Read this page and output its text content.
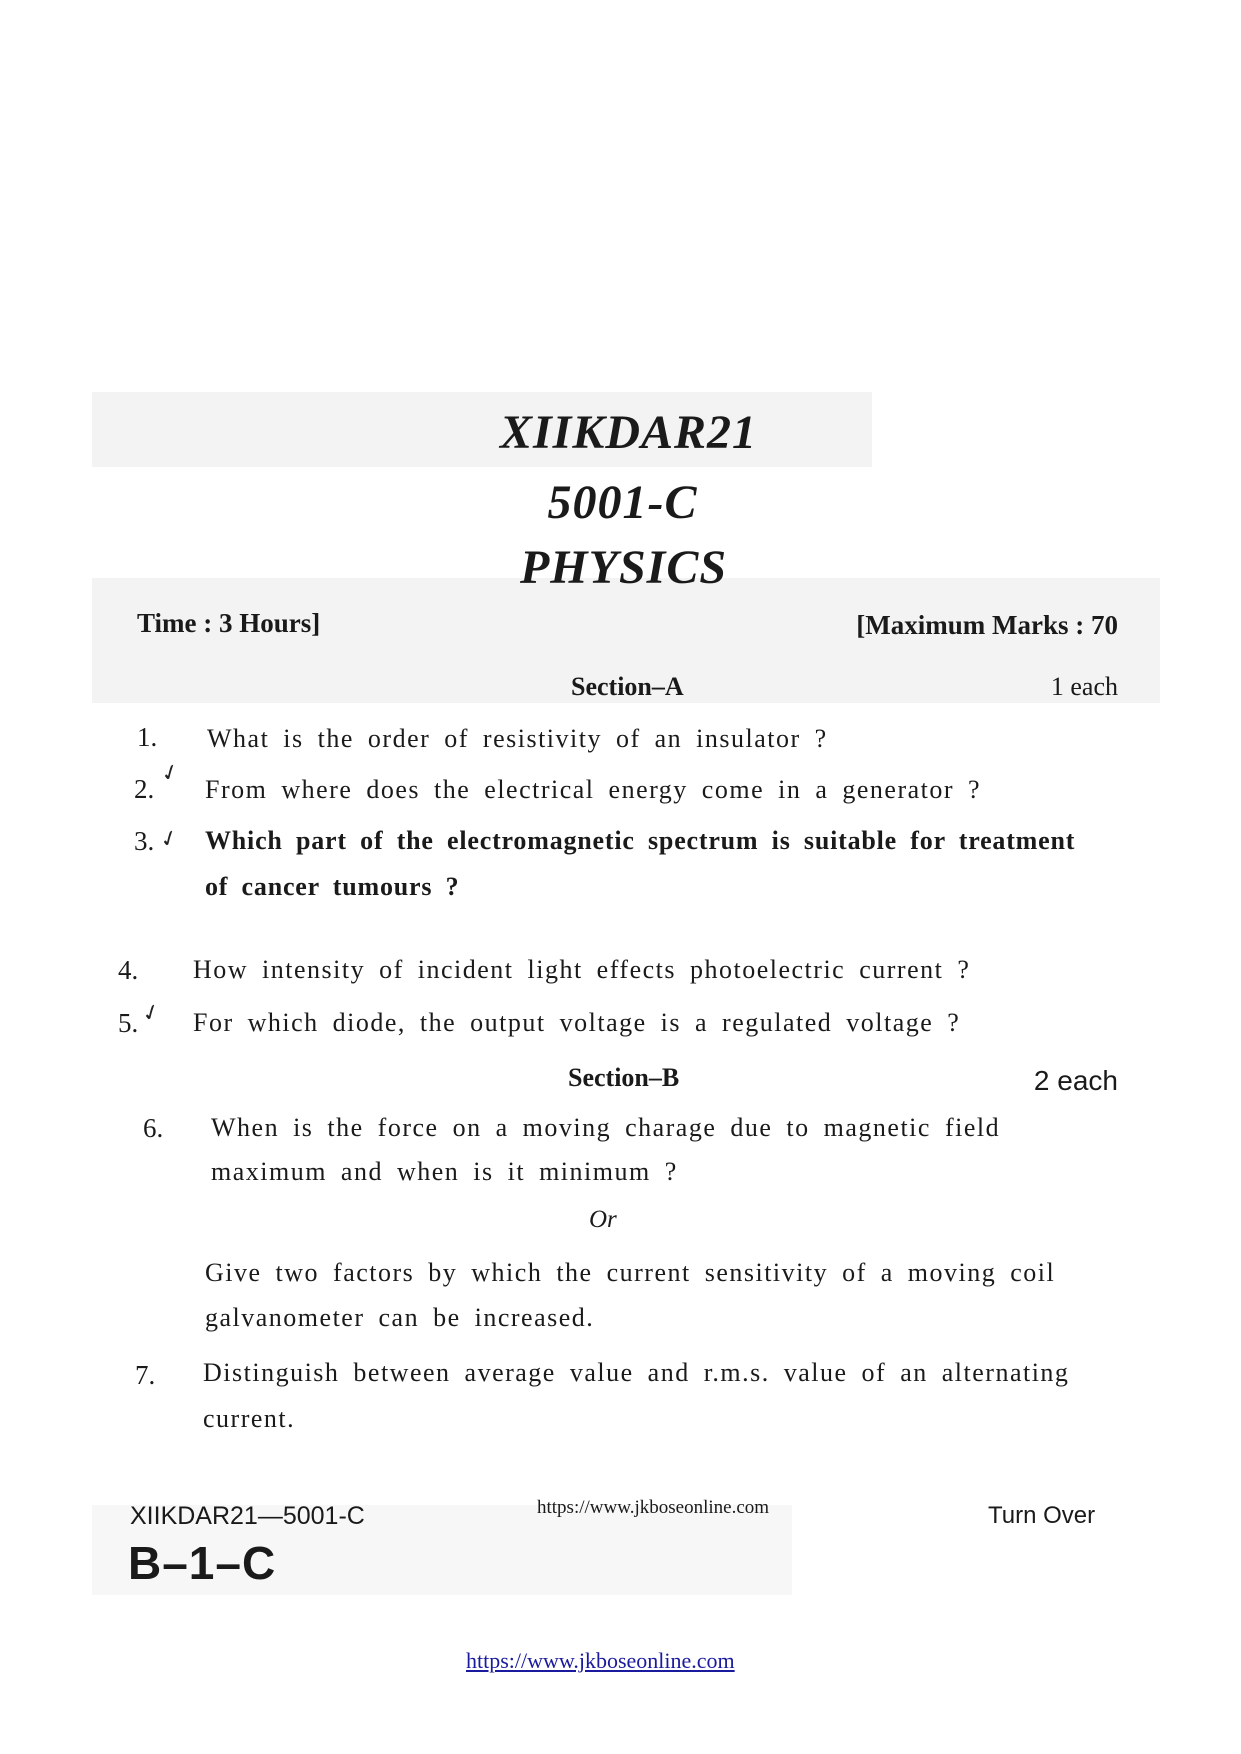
XIIKDAR21
5001-C
PHYSICS
Time : 3 Hours]	[Maximum Marks : 70
Section–A	1 each
1. What is the order of resistivity of an insulator ?
2.
✓
From where does the electrical energy come in a generator ?
3. ✓ Which part of the electromagnetic spectrum is suitable for treatment
of cancer tumours ?
4. How intensity of incident light effects photoelectric current ?
5. ✓ For which diode, the output voltage is a regulated voltage ?
Section–B	2 each
6. When is the force on a moving charage due to magnetic field
maximum and when is it minimum ?
Or
Give two factors by which the current sensitivity of a moving coil
galvanometer can be increased.
7. Distinguish between average value and r.m.s. value of an alternating
current.
XIIKDAR21—5001-C	https://www.jkboseonline.com	Turn Over
B–1–C
https://www.jkboseonline.com
